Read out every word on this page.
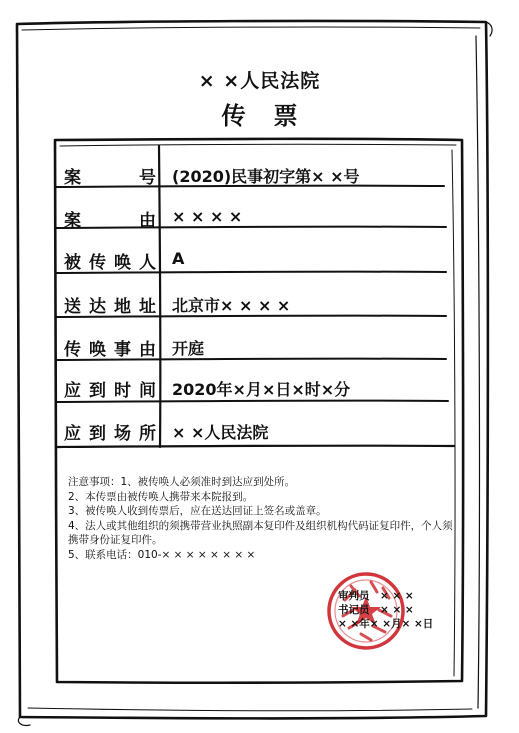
× ×人民法院
传票
案　号 (2020)民事初字第× ×号
案　由 × × × ×
被传唤人 A
送达地址 北京市× × × ×
传唤事由 开庭
应到时间 2020年×月×日×时×分
应到场所 × ×人民法院
注意事项：1、被传唤人必须准时到达应到处所。
2、本传票由被传唤人携带来本院报到。
3、被传唤人收到传票后，应在送达回证上签名或盖章。
4、法人或其他组织的须携带营业执照副本复印件及组织机构代码证复印件，个人须携带身份证复印件。
5、联系电话：010-× × × × × × × ×
审判员　× × ×
书记员　× × ×
× ×年× ×月× ×日
